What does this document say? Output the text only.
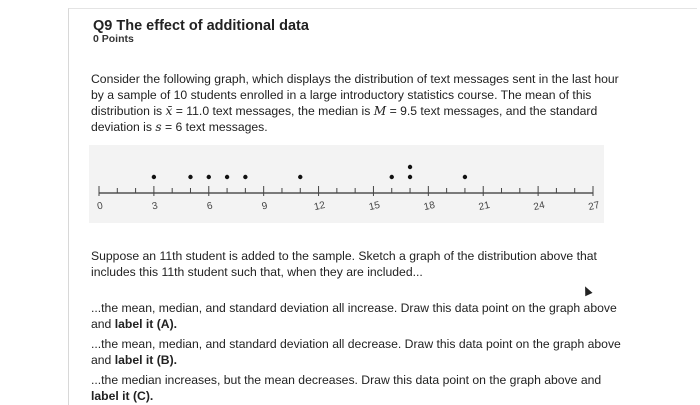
Q9 The effect of additional data
0 Points
Consider the following graph, which displays the distribution of text messages sent in the last hour
by a sample of 10 students enrolled in a large introductory statistics course. The mean of this
distribution is x̄ = 11.0 text messages, the median is M = 9.5 text messages, and the standard
deviation is s = 6 text messages.
0	3	6	9	12	15	18	21	24	27
Suppose an 11th student is added to the sample. Sketch a graph of the distribution above that
includes this 11th student such that, when they are included...
...the mean, median, and standard deviation all increase. Draw this data point on the graph above
and label it (A).
...the mean, median, and standard deviation all decrease. Draw this data point on the graph above
and label it (B).
...the median increases, but the mean decreases. Draw this data point on the graph above and
label it (C).
